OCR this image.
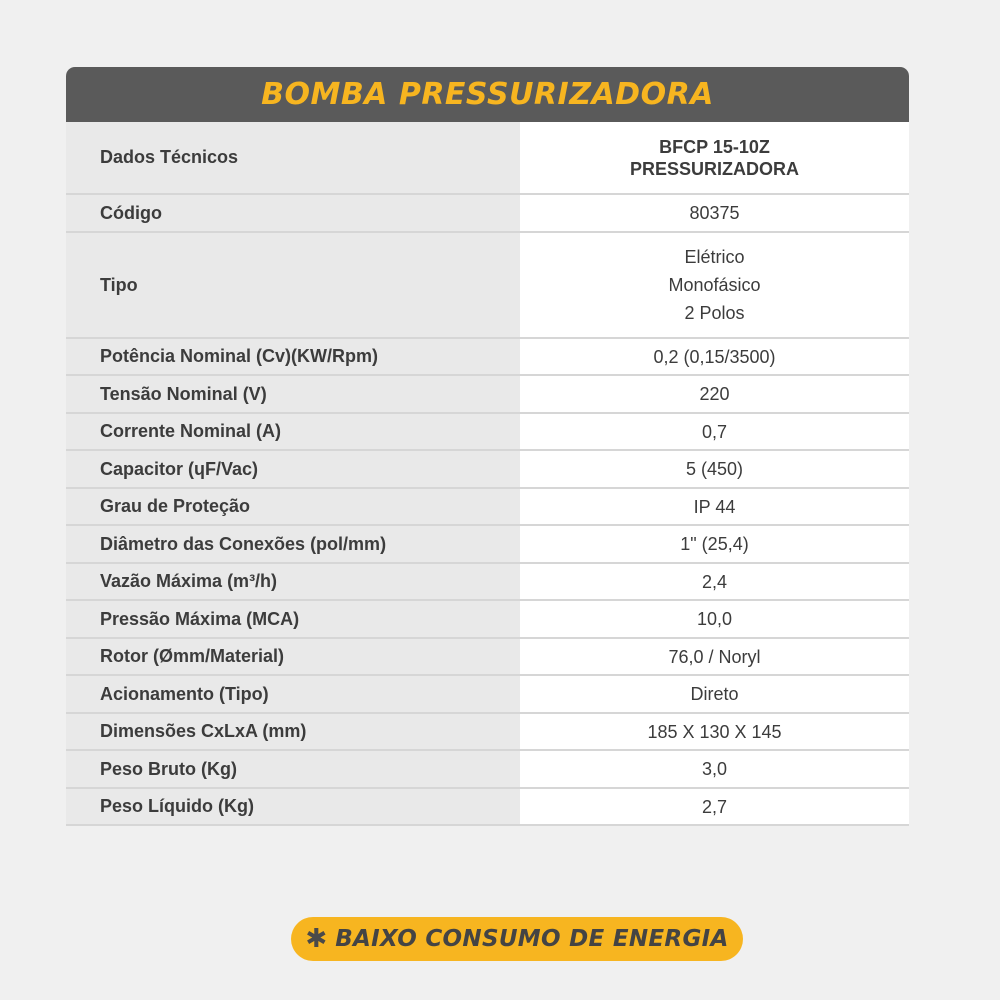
BOMBA PRESSURIZADORA
Dados Técnicos	BFCP 15-10Z
PRESSURIZADORA

Código	80375
Tipo	Elétrico
Monofásico
2 Polos

Potência Nominal (Cv)(KW/Rpm)	0,2 (0,15/3500)
Tensão Nominal (V)	220
Corrente Nominal (A)	0,7
Capacitor (ɥF/Vac)	5 (450)
Grau de Proteção	IP 44
Diâmetro das Conexões (pol/mm)	1" (25,4)
Vazão Máxima (m³/h)	2,4
Pressão Máxima (MCA)	10,0
Rotor (Ømm/Material)	76,0 / Noryl
Acionamento (Tipo)	Direto
Dimensões CxLxA (mm)	185 X 130 X 145
Peso Bruto (Kg)	3,0
Peso Líquido (Kg)	2,7
✱ BAIXO CONSUMO DE ENERGIA
